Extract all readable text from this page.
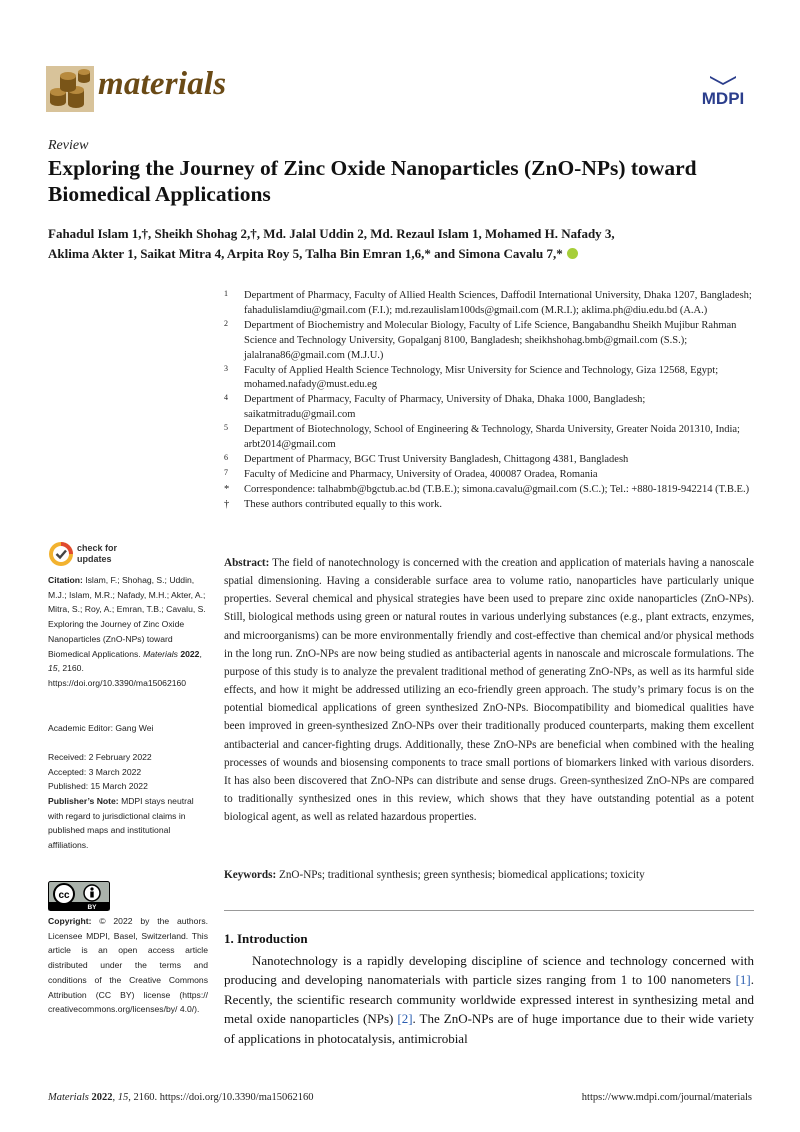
materials	MDPI
Review
Exploring the Journey of Zinc Oxide Nanoparticles (ZnO-NPs) toward Biomedical Applications
Fahadul Islam 1,†, Sheikh Shohag 2,†, Md. Jalal Uddin 2, Md. Rezaul Islam 1, Mohamed H. Nafady 3,
Aklima Akter 1, Saikat Mitra 4, Arpita Roy 5, Talha Bin Emran 1,6,* and Simona Cavalu 7,*
1 Department of Pharmacy, Faculty of Allied Health Sciences, Daffodil International University, Dhaka 1207, Bangladesh; fahadulislamdiu@gmail.com (F.I.); md.rezaulislam100ds@gmail.com (M.R.I.); aklima.ph@diu.edu.bd (A.A.)
2 Department of Biochemistry and Molecular Biology, Faculty of Life Science, Bangabandhu Sheikh Mujibur Rahman Science and Technology University, Gopalganj 8100, Bangladesh; sheikhshohag.bmb@gmail.com (S.S.); jalalrana86@gmail.com (M.J.U.)
3 Faculty of Applied Health Science Technology, Misr University for Science and Technology, Giza 12568, Egypt; mohamed.nafady@must.edu.eg
4 Department of Pharmacy, Faculty of Pharmacy, University of Dhaka, Dhaka 1000, Bangladesh; saikatmitradu@gmail.com
5 Department of Biotechnology, School of Engineering & Technology, Sharda University, Greater Noida 201310, India; arbt2014@gmail.com
6 Department of Pharmacy, BGC Trust University Bangladesh, Chittagong 4381, Bangladesh
7 Faculty of Medicine and Pharmacy, University of Oradea, 400087 Oradea, Romania
* Correspondence: talhabmb@bgctub.ac.bd (T.B.E.); simona.cavalu@gmail.com (S.C.); Tel.: +880-1819-942214 (T.B.E.)
† These authors contributed equally to this work.
check for
updates
Citation: Islam, F.; Shohag, S.; Uddin, M.J.; Islam, M.R.; Nafady, M.H.; Akter, A.; Mitra, S.; Roy, A.; Emran, T.B.; Cavalu, S. Exploring the Journey of Zinc Oxide Nanoparticles (ZnO-NPs) toward Biomedical Applications. Materials 2022, 15, 2160. https://doi.org/10.3390/ma15062160
Academic Editor: Gang Wei
Received: 2 February 2022
Accepted: 3 March 2022
Published: 15 March 2022
Publisher’s Note: MDPI stays neutral with regard to jurisdictional claims in published maps and institutional affiliations.
cc
BY
Copyright: © 2022 by the authors. Licensee MDPI, Basel, Switzerland. This article is an open access article distributed under the terms and conditions of the Creative Commons Attribution (CC BY) license (https:// creativecommons.org/licenses/by/ 4.0/).
Abstract: The field of nanotechnology is concerned with the creation and application of materials having a nanoscale spatial dimensioning. Having a considerable surface area to volume ratio, nanoparticles have particularly unique properties. Several chemical and physical strategies have been used to prepare zinc oxide nanoparticles (ZnO-NPs). Still, biological methods using green or natural routes in various underlying substances (e.g., plant extracts, enzymes, and microorganisms) can be more environmentally friendly and cost-effective than chemical and/or physical methods in the long run. ZnO-NPs are now being studied as antibacterial agents in nanoscale and microscale formulations. The purpose of this study is to analyze the prevalent traditional method of generating ZnO-NPs, as well as its harmful side effects, and how it might be addressed utilizing an eco-friendly green approach. The study’s primary focus is on the potential biomedical applications of green synthesized ZnO-NPs. Biocompatibility and biomedical qualities have been improved in green-synthesized ZnO-NPs over their traditionally produced counterparts, making them excellent antibacterial and cancer-fighting drugs. Additionally, these ZnO-NPs are beneficial when combined with the healing processes of wounds and biosensing components to trace small portions of biomarkers linked with various disorders. It has also been discovered that ZnO-NPs can distribute and sense drugs. Green-synthesized ZnO-NPs are compared to traditionally synthesized ones in this review, which shows that they have outstanding potential as a potent biological agent, as well as related hazardous properties.
Keywords: ZnO-NPs; traditional synthesis; green synthesis; biomedical applications; toxicity
1. Introduction
Nanotechnology is a rapidly developing discipline of science and technology concerned with producing and developing nanomaterials with particle sizes ranging from 1 to 100 nanometers [1]. Recently, the scientific research community worldwide expressed interest in synthesizing metal and metal oxide nanoparticles (NPs) [2]. The ZnO-NPs are of huge importance due to their wide variety of applications in photocatalysis, antimicrobial
Materials 2022, 15, 2160. https://doi.org/10.3390/ma15062160	https://www.mdpi.com/journal/materials
